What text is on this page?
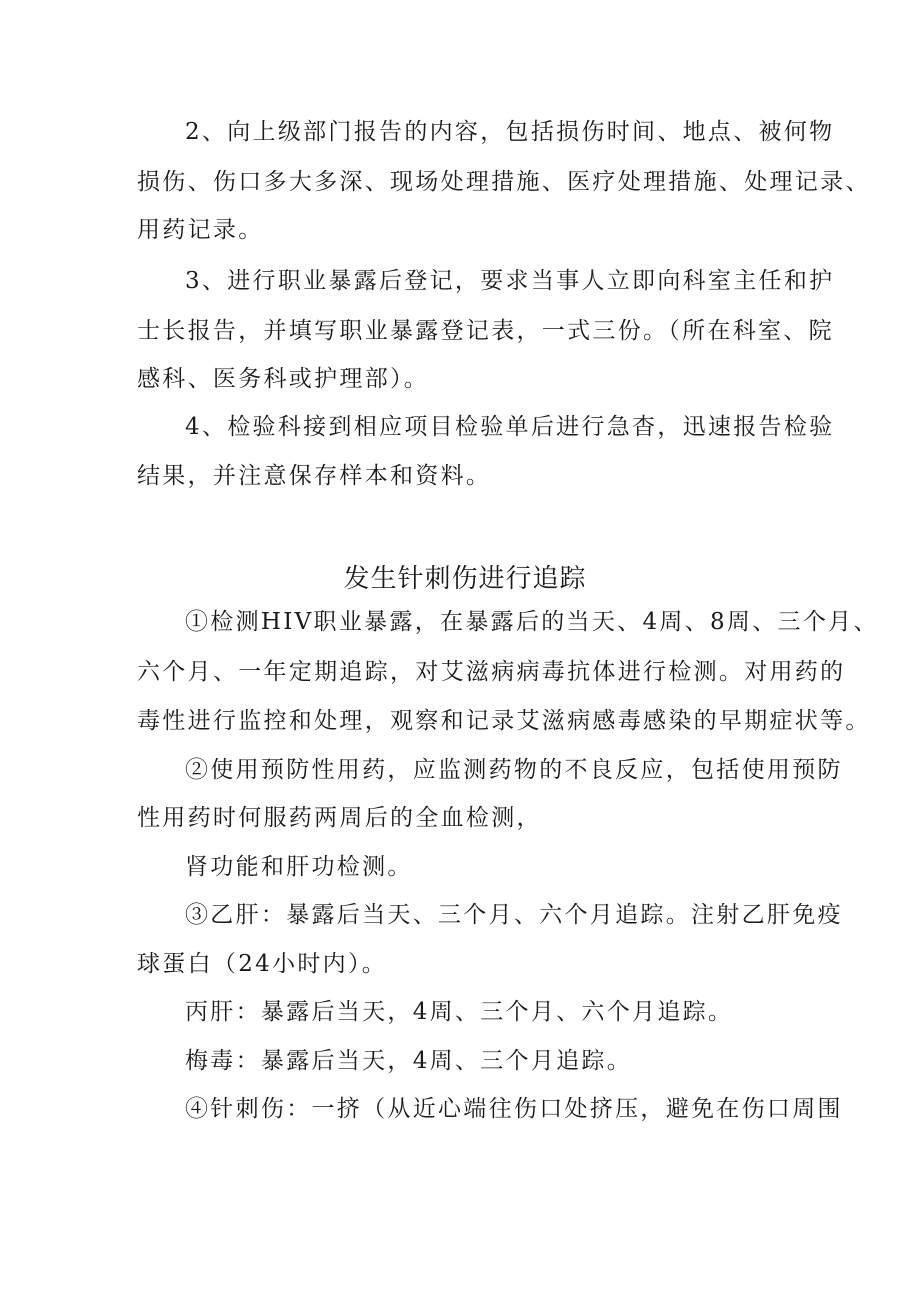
2、向上级部门报告的内容，包括损伤时间、地点、被何物
损伤、伤口多大多深、现场处理措施、医疗处理措施、处理记录、
用药记录。
3、进行职业暴露后登记，要求当事人立即向科室主任和护
士长报告，并填写职业暴露登记表，一式三份。（所在科室、院
感科、医务科或护理部）。
4、检验科接到相应项目检验单后进行急杳，迅速报告检验
结果，并注意保存样本和资料。
发生针刺伤进行追踪
①检测HIV职业暴露，在暴露后的当天、4周、8周、三个月、
六个月、一年定期追踪，对艾滋病病毒抗体进行检测。对用药的
毒性进行监控和处理，观察和记录艾滋病感毒感染的早期症状等。
②使用预防性用药，应监测药物的不良反应，包括使用预防
性用药时何服药两周后的全血检测，
肾功能和肝功检测。
③乙肝：暴露后当天、三个月、六个月追踪。注射乙肝免疫
球蛋白（24小时内）。
丙肝：暴露后当天，4周、三个月、六个月追踪。
梅毒：暴露后当天，4周、三个月追踪。
④针刺伤：一挤（从近心端往伤口处挤压，避免在伤口周围
